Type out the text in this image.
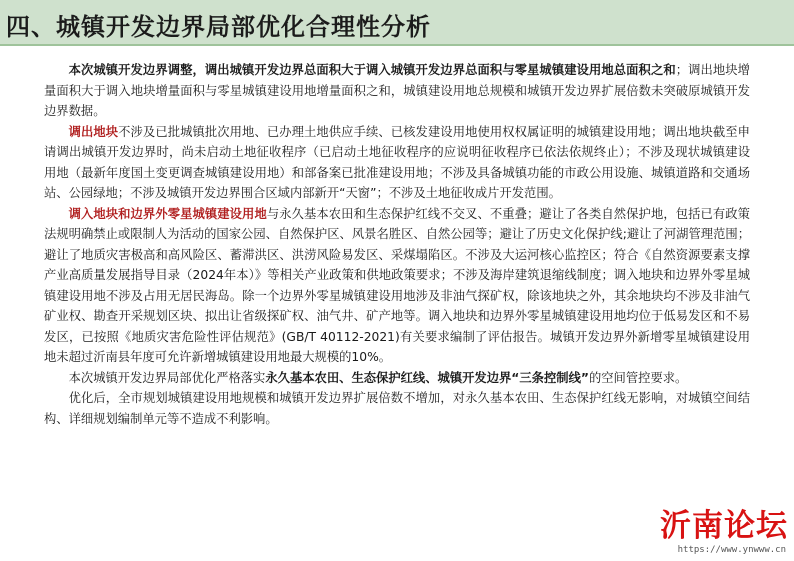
四、城镇开发边界局部优化合理性分析

本次城镇开发边界调整，调出城镇开发边界总面积大于调入城镇开发边界总面积与零星城镇建设用地总面积之和；调出地块增量面积大于调入地块增量面积与零星城镇建设用地增量面积之和，城镇建设用地总规模和城镇开发边界扩展倍数未突破原城镇开发边界数据。

调出地块不涉及已批城镇批次用地、已办理土地供应手续、已核发建设用地使用权权属证明的城镇建设用地；调出地块截至申请调出城镇开发边界时，尚未启动土地征收程序（已启动土地征收程序的应说明征收程序已依法依规终止）；不涉及现状城镇建设用地（最新年度国土变更调查城镇建设用地）和部备案已批准建设用地；不涉及具备城镇功能的市政公用设施、城镇道路和交通场站、公园绿地；不涉及城镇开发边界围合区域内部新开“天窗”；不涉及土地征收成片开发范围。

调入地块和边界外零星城镇建设用地与永久基本农田和生态保护红线不交叉、不重叠；避让了各类自然保护地，包括已有政策法规明确禁止或限制人为活动的国家公园、自然保护区、风景名胜区、自然公园等；避让了历史文化保护线;避让了河湖管理范围；避让了地质灾害极高和高风险区、蓄滞洪区、洪涝风险易发区、采煤塌陷区。不涉及大运河核心监控区；符合《自然资源要素支撑产业高质量发展指导目录（2024年本）》等相关产业政策和供地政策要求；不涉及海岸建筑退缩线制度；调入地块和边界外零星城镇建设用地不涉及占用无居民海岛。除一个边界外零星城镇建设用地涉及非油气探矿权，除该地块之外，其余地块均不涉及非油气矿业权、勘查开采规划区块、拟出让省级探矿权、油气井、矿产地等。调入地块和边界外零星城镇建设用地均位于低易发区和不易发区，已按照《地质灾害危险性评估规范》(GB/T 40112-2021)有关要求编制了评估报告。城镇开发边界外新增零星城镇建设用地未超过沂南县年度可允许新增城镇建设用地最大规模的10%。

本次城镇开发边界局部优化严格落实永久基本农田、生态保护红线、城镇开发边界“三条控制线”的空间管控要求。

优化后，全市规划城镇建设用地规模和城镇开发边界扩展倍数不增加，对永久基本农田、生态保护红线无影响，对城镇空间结构、详细规划编制单元等不造成不利影响。

沂南论坛
https://www.ynwww.cn
